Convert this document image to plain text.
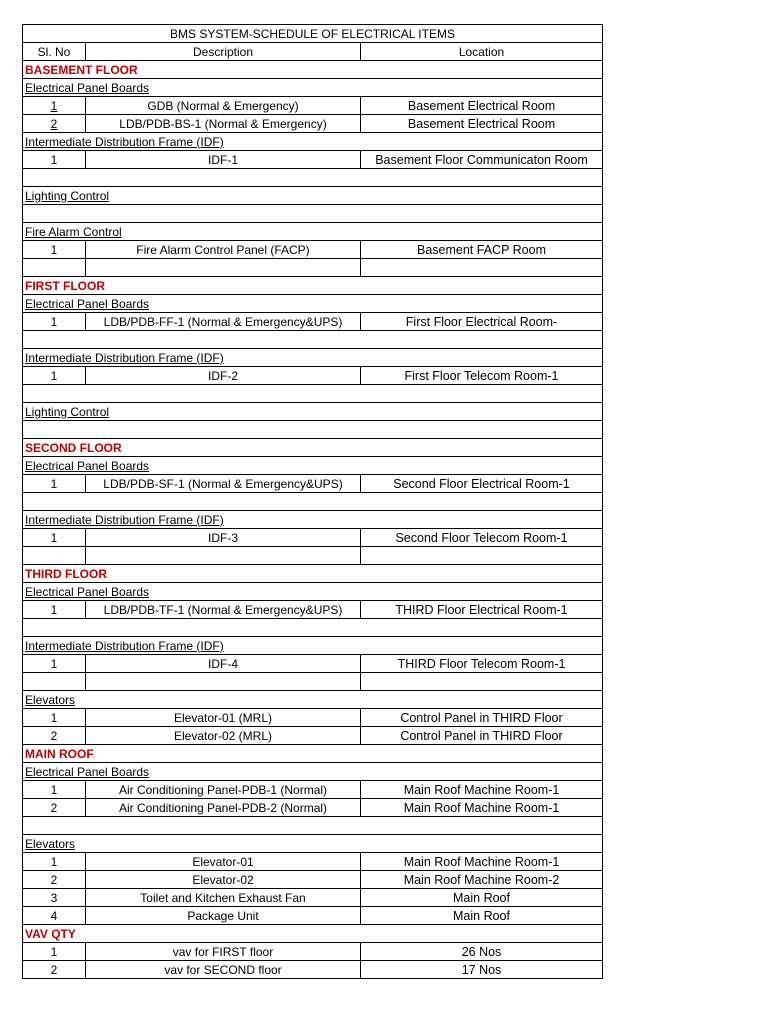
BMS SYSTEM-SCHEDULE OF ELECTRICAL ITEMS		
Sl. No	Description	Location
BASEMENT FLOOR		
Electrical Panel Boards		
1	GDB (Normal & Emergency)	Basement Electrical Room
2	LDB/PDB-BS-1 (Normal & Emergency)	Basement Electrical Room
Intermediate Distribution Frame (IDF)		
1	IDF-1	Basement Floor Communicaton Room

Lighting Control		

Fire Alarm Control		
1	Fire Alarm Control Panel (FACP)	Basement FACP Room

FIRST FLOOR		
Electrical Panel Boards		
1	LDB/PDB-FF-1 (Normal & Emergency&UPS)	First Floor Electrical Room-

Intermediate Distribution Frame (IDF)		
1	IDF-2	First Floor Telecom Room-1

Lighting Control		

SECOND FLOOR		
Electrical Panel Boards		
1	LDB/PDB-SF-1 (Normal & Emergency&UPS)	Second Floor Electrical Room-1

Intermediate Distribution Frame (IDF)		
1	IDF-3	Second Floor Telecom Room-1

THIRD FLOOR		
Electrical Panel Boards		
1	LDB/PDB-TF-1 (Normal & Emergency&UPS)	THIRD Floor Electrical Room-1

Intermediate Distribution Frame (IDF)		
1	IDF-4	THIRD Floor Telecom Room-1

Elevators		
1	Elevator-01 (MRL)	Control Panel in THIRD Floor
2	Elevator-02 (MRL)	Control Panel in THIRD Floor
MAIN ROOF		
Electrical Panel Boards		
1	Air Conditioning Panel-PDB-1 (Normal)	Main Roof Machine Room-1
2	Air Conditioning Panel-PDB-2 (Normal)	Main Roof Machine Room-1

Elevators		
1	Elevator-01	Main Roof Machine Room-1
2	Elevator-02	Main Roof Machine Room-2
3	Toilet and Kitchen Exhaust Fan	Main Roof
4	Package Unit	Main Roof
VAV QTY		
1	vav for FIRST floor	26 Nos
2	vav for SECOND floor	17 Nos
